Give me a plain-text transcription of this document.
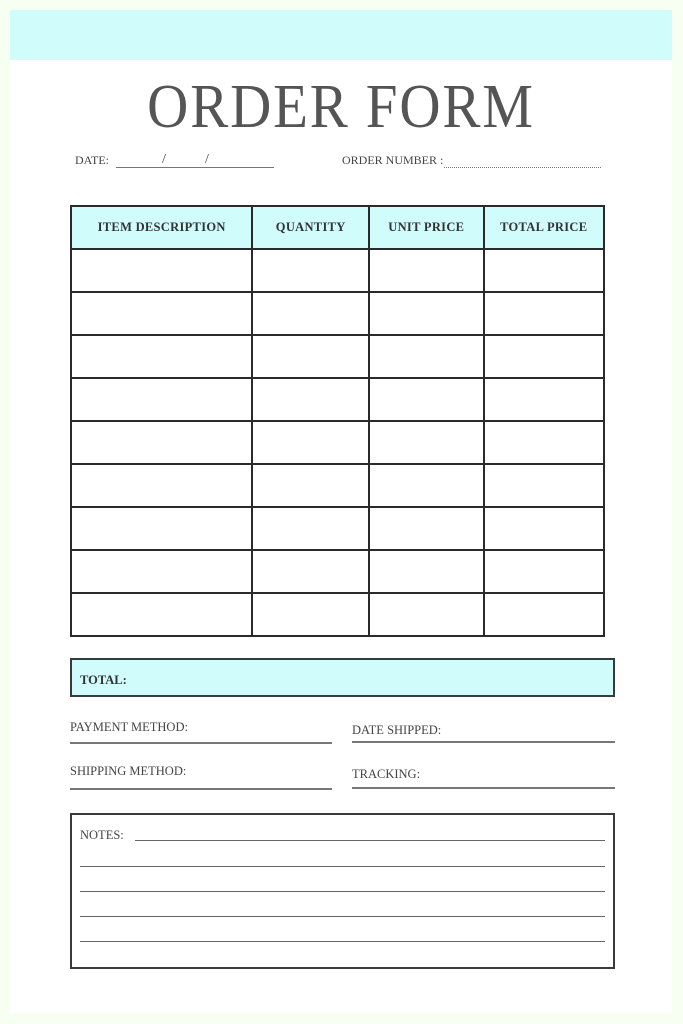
ORDER FORM
DATE:	/	/	ORDER NUMBER :
ITEM DESCRIPTION	QUANTITY	UNIT PRICE	TOTAL PRICE

TOTAL:
PAYMENT METHOD:	DATE SHIPPED:
SHIPPING METHOD:	TRACKING:
NOTES:
